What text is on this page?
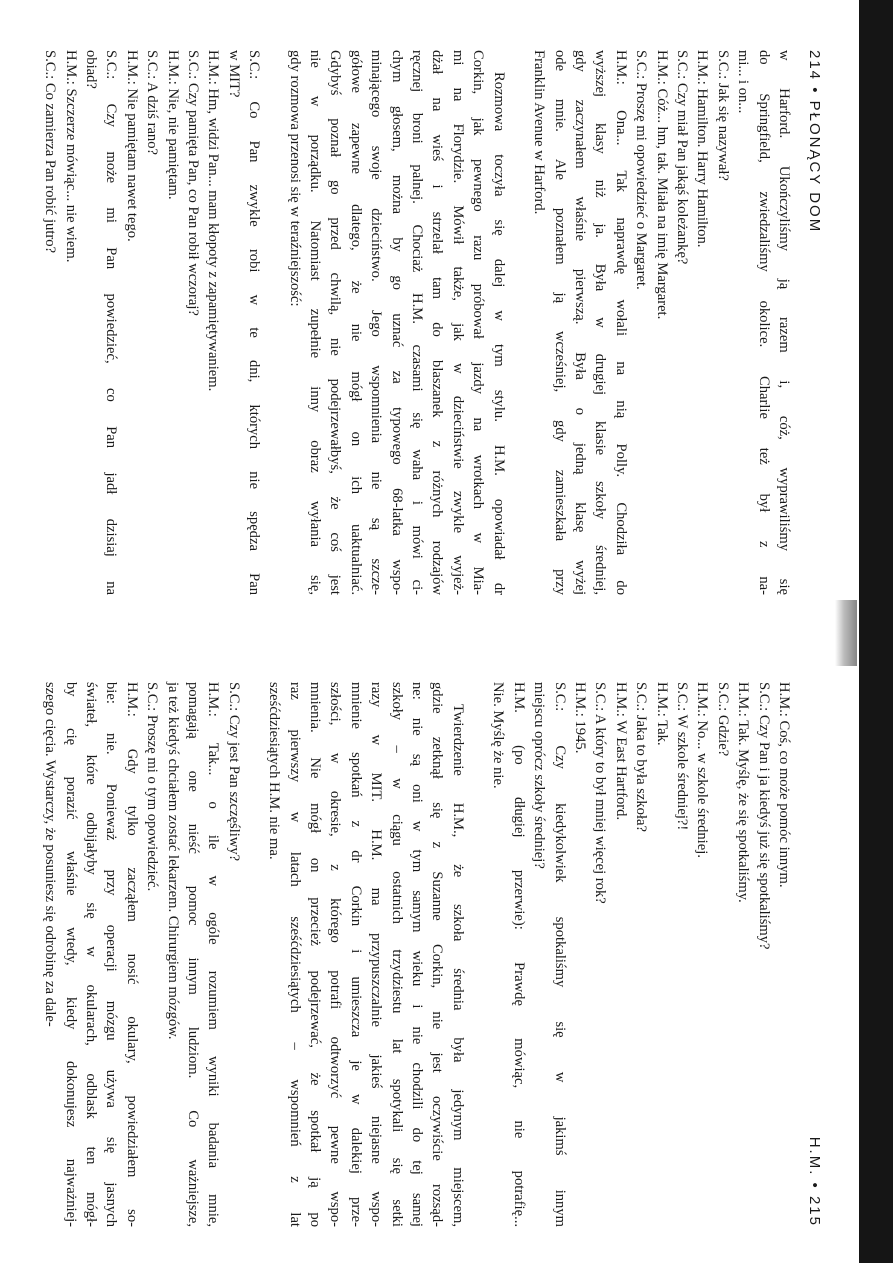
214 • PŁONĄCY DOM
w Harford. Ukończyliśmy ją razem i, cóż, wyprawiliśmy się
do Springfield, zwiedzaliśmy okolice. Charlie też był z na-
mi... i on...
S.C.: Jak się nazywał?
H.M.: Hamilton. Harry Hamilton.
S.C.: Czy miał Pan jakąś koleżankę?
H.M.: Cóż... hm, tak. Miała na imię Margaret.
S.C.: Proszę mi opowiedzieć o Margaret.
H.M.: Ona... Tak naprawdę wołali na nią Polly. Chodziła do
wyższej klasy niż ja. Była w drugiej klasie szkoły średniej,
gdy zaczynałem właśnie pierwszą. Była o jedną klasę wyżej
ode mnie. Ale poznałem ją wcześniej, gdy zamieszkała przy
Franklin Avenue w Harford.
Rozmowa toczyła się dalej w tym stylu. H.M. opowiadał dr
Corkin, jak pewnego razu próbował jazdy na wrotkach w Mia-
mi na Florydzie. Mówił także, jak w dzieciństwie zwykle wyjeż-
dżał na wieś i strzelał tam do blaszanek z różnych rodzajów
ręcznej broni palnej. Chociaż H.M. czasami się waha i mówi ci-
chym głosem, można by go uznać za typowego 68-latka wspo-
minającego swoje dzieciństwo. Jego wspomnienia nie są szcze-
gółowe zapewne dlatego, że nie mógł on ich uaktualniać.
Gdybyś poznał go przed chwilą, nie podejrzewałbyś, że coś jest
nie w porządku. Natomiast zupełnie inny obraz wyłania się,
gdy rozmowa przenosi się w teraźniejszość:
S.C.: Co Pan zwykle robi w te dni, których nie spędza Pan
w MIT?
H.M.: Hm, widzi Pan... mam kłopoty z zapamiętywaniem.
S.C.: Czy pamięta Pan, co Pan robił wczoraj?
H.M.: Nie, nie pamiętam.
S.C.: A dziś rano?
H.M.: Nie pamiętam nawet tego.
S.C.: Czy może mi Pan powiedzieć, co Pan jadł dzisiaj na
obiad?
H.M.: Szczerze mówiąc... nie wiem.
S.C.: Co zamierza Pan robić jutro?
H.M. • 215
H.M.: Coś, co może pomóc innym.
S.C.: Czy Pan i ja kiedyś już się spotkaliśmy?
H.M.: Tak. Myślę, że się spotkaliśmy.
S.C.: Gdzie?
H.M.: No... w szkole średniej.
S.C.: W szkole średniej?!
H.M.: Tak.
S.C.: Jaka to była szkoła?
H.M.: W East Hartford.
S.C.: A który to był mniej więcej rok?
H.M.: 1945.
S.C.: Czy kiedykolwiek spotkaliśmy się w jakimś innym
miejscu oprócz szkoły średniej?
H.M. (po długiej przerwie): Prawdę mówiąc, nie potrafię...
Nie. Myślę że nie.
Twierdzenie H.M., że szkoła średnia była jedynym miejscem,
gdzie zetknął się z Suzanne Corkin, nie jest oczywiście rozsąd-
ne: nie są oni w tym samym wieku i nie chodzili do tej samej
szkoły – w ciągu ostatnich trzydziestu lat spotykali się setki
razy w MIT. H.M. ma przypuszczalnie jakieś niejasne wspo-
mnienie spotkań z dr Corkin i umieszcza je w dalekiej prze-
szłości, w okresie, z którego potrafi odtworzyć pewne wspo-
mnienia. Nie mógł on przecież podejrzewać, że spotkał ją po
raz pierwszy w latach sześćdziesiątych – wspomnień z lat
sześćdziesiątych H.M. nie ma.
S.C.: Czy jest Pan szczęśliwy?
H.M.: Tak... o ile w ogóle rozumiem wyniki badania mnie,
pomagają one nieść pomoc innym ludziom. Co ważniejsze,
ja też kiedyś chciałem zostać lekarzem. Chirurgiem mózgów.
S.C.: Proszę mi o tym opowiedzieć.
H.M.: Gdy tylko zacząłem nosić okulary, powiedziałem so-
bie: nie. Ponieważ przy operacji mózgu używa się jasnych
świateł, które odbijałyby się w okularach, odblask ten mógł-
by cię porazić właśnie wtedy, kiedy dokonujesz najważniej-
szego cięcia. Wystarczy, że posuniesz się odrobinę za dale-
